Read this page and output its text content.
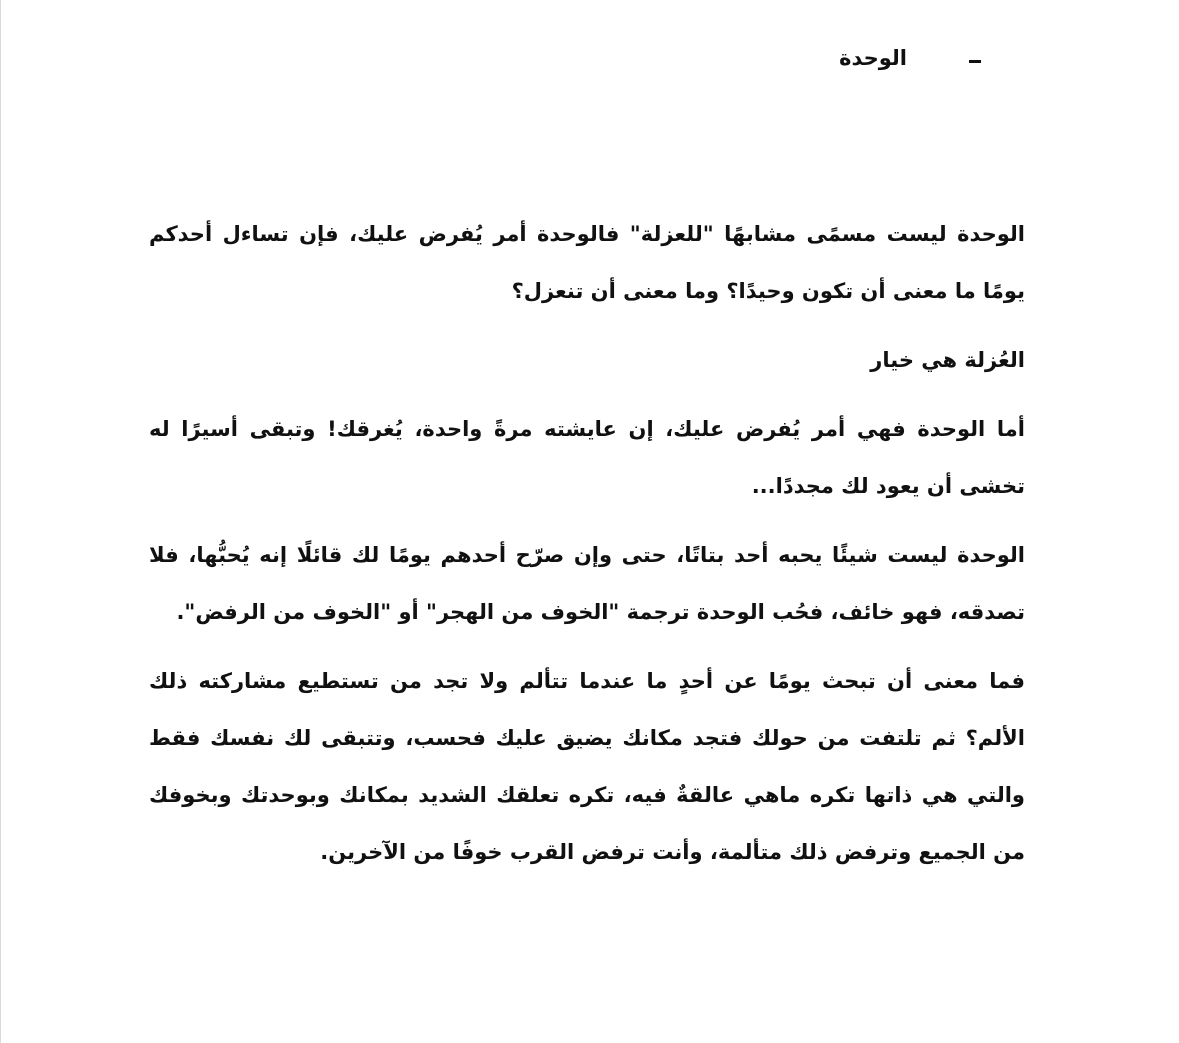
الوحدة

الوحدة ليست مسمًى مشابهًا "للعزلة" فالوحدة أمر يُفرض عليك، فإن تساءل أحدكم يومًا ما معنى أن تكون وحيدًا؟ وما معنى أن تنعزل؟

العُزلة هي خيار

أما الوحدة فهي أمر يُفرض عليك، إن عايشته مرةً واحدة، يُغرقك! وتبقى أسيرًا له تخشى أن يعود لك مجددًا...

الوحدة ليست شيئًا يحبه أحد بتاتًا، حتى وإن صرّح أحدهم يومًا لك قائلًا إنه يُحبُّها، فلا تصدقه، فهو خائف، فحُب الوحدة ترجمة "الخوف من الهجر" أو "الخوف من الرفض".

فما معنى أن تبحث يومًا عن أحدٍ ما عندما تتألم ولا تجد من تستطيع مشاركته ذلك الألم؟ ثم تلتفت من حولك فتجد مكانك يضيق عليك فحسب، وتتبقى لك نفسك فقط والتي هي ذاتها تكره ماهي عالقةٌ فيه، تكره تعلقك الشديد بمكانك وبوحدتك وبخوفك من الجميع وترفض ذلك متألمة، وأنت ترفض القرب خوفًا من الآخرين.
